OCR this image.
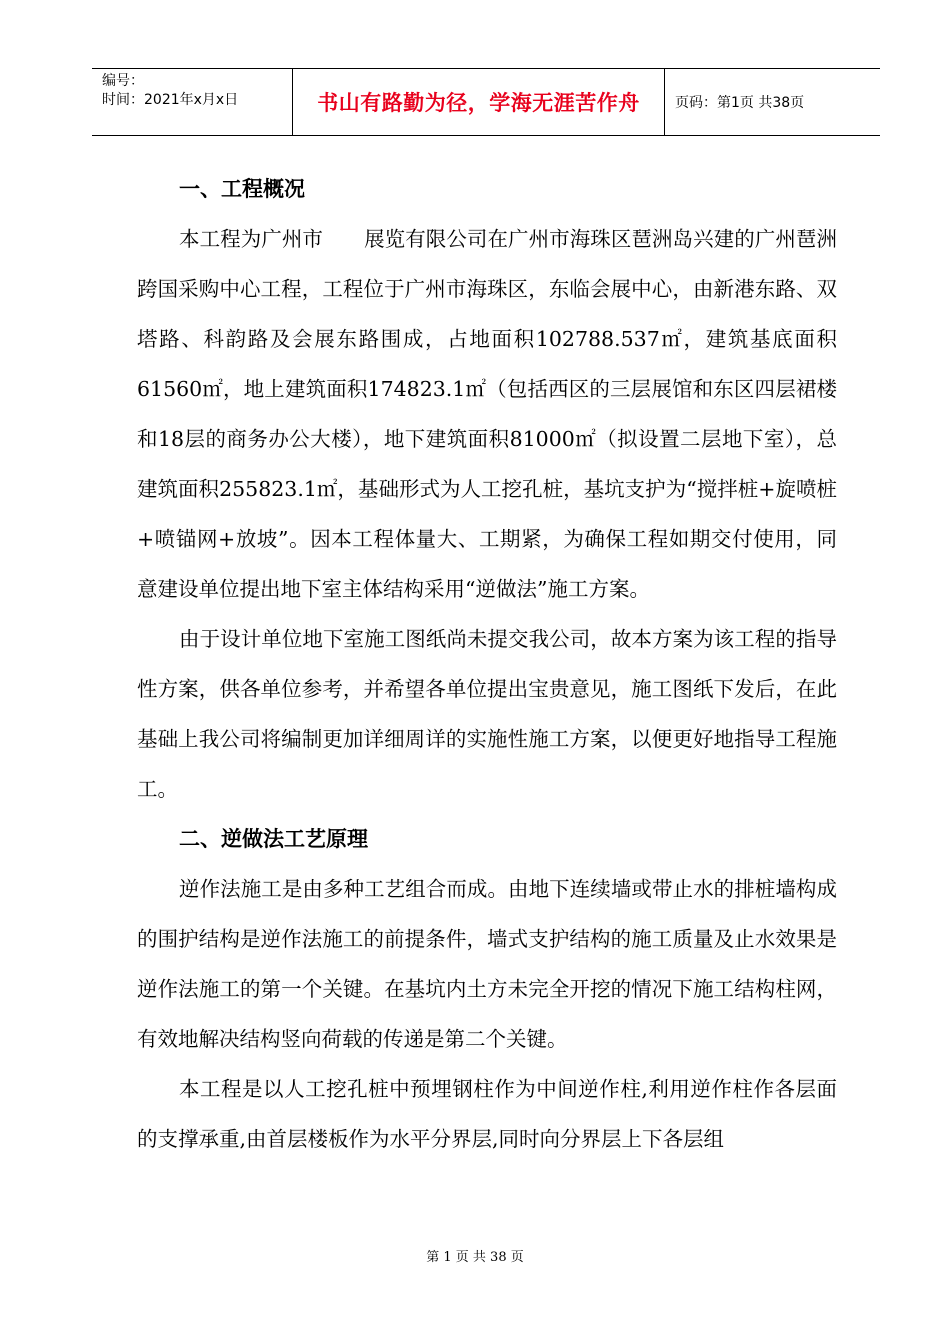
编号：
时间：2021年x月x日	书山有路勤为径，学海无涯苦作舟	页码：第1页 共38页
一、工程概况

本工程为广州市　　展览有限公司在广州市海珠区琶洲岛兴建的广州琶洲跨国采购中心工程，工程位于广州市海珠区，东临会展中心，由新港东路、双塔路、科韵路及会展东路围成，占地面积102788.537㎡，建筑基底面积61560㎡，地上建筑面积174823.1㎡（包括西区的三层展馆和东区四层裙楼和18层的商务办公大楼），地下建筑面积81000㎡（拟设置二层地下室），总建筑面积255823.1㎡，基础形式为人工挖孔桩，基坑支护为“搅拌桩+旋喷桩+喷锚网+放坡”。因本工程体量大、工期紧，为确保工程如期交付使用，同意建设单位提出地下室主体结构采用“逆做法”施工方案。

由于设计单位地下室施工图纸尚未提交我公司，故本方案为该工程的指导性方案，供各单位参考，并希望各单位提出宝贵意见，施工图纸下发后，在此基础上我公司将编制更加详细周详的实施性施工方案，以便更好地指导工程施工。

二、逆做法工艺原理

逆作法施工是由多种工艺组合而成。由地下连续墙或带止水的排桩墙构成的围护结构是逆作法施工的前提条件，墙式支护结构的施工质量及止水效果是逆作法施工的第一个关键。在基坑内土方未完全开挖的情况下施工结构柱网，有效地解决结构竖向荷载的传递是第二个关键。

本工程是以人工挖孔桩中预埋钢柱作为中间逆作柱,利用逆作柱作各层面的支撑承重,由首层楼板作为水平分界层,同时向分界层上下各层组

第 1 页 共 38 页
